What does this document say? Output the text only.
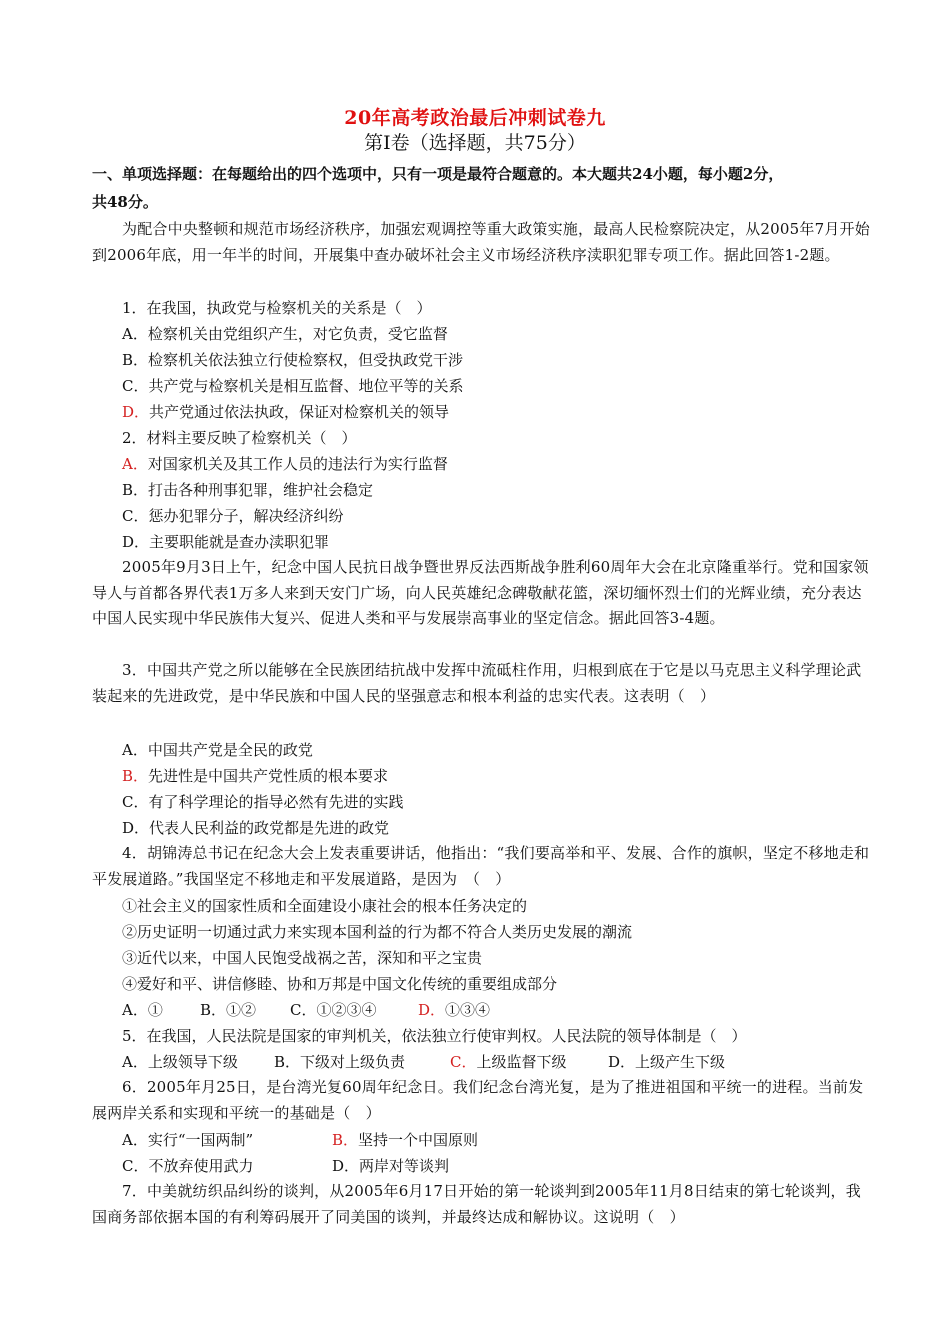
20年高考政治最后冲刺试卷九
第Ⅰ卷（选择题，共75分）
一、单项选择题：在每题给出的四个选项中，只有一项是最符合题意的。本大题共24小题，每小题2分，
共48分。
为配合中央整顿和规范市场经济秩序，加强宏观调控等重大政策实施，最高人民检察院决定，从2005年7月开始到2006年底，用一年半的时间，开展集中查办破坏社会主义市场经济秩序渎职犯罪专项工作。据此回答1-2题。
1．在我国，执政党与检察机关的关系是（　）
A．检察机关由党组织产生，对它负责，受它监督
B．检察机关依法独立行使检察权，但受执政党干涉
C．共产党与检察机关是相互监督、地位平等的关系
D．共产党通过依法执政，保证对检察机关的领导
2．材料主要反映了检察机关（　）
A．对国家机关及其工作人员的违法行为实行监督
B．打击各种刑事犯罪，维护社会稳定
C．惩办犯罪分子，解决经济纠纷
D．主要职能就是查办渎职犯罪
2005年9月3日上午，纪念中国人民抗日战争暨世界反法西斯战争胜利60周年大会在北京隆重举行。党和国家领导人与首都各界代表1万多人来到天安门广场，向人民英雄纪念碑敬献花篮，深切缅怀烈士们的光辉业绩，充分表达中国人民实现中华民族伟大复兴、促进人类和平与发展崇高事业的坚定信念。据此回答3-4题。
3．中国共产党之所以能够在全民族团结抗战中发挥中流砥柱作用，归根到底在于它是以马克思主义科学理论武装起来的先进政党，是中华民族和中国人民的坚强意志和根本利益的忠实代表。这表明（　）
A．中国共产党是全民的政党
B．先进性是中国共产党性质的根本要求
C．有了科学理论的指导必然有先进的实践
D．代表人民利益的政党都是先进的政党
4．胡锦涛总书记在纪念大会上发表重要讲话，他指出：“我们要高举和平、发展、合作的旗帜，坚定不移地走和平发展道路。”我国坚定不移地走和平发展道路，是因为　（　）
①社会主义的国家性质和全面建设小康社会的根本任务决定的
②历史证明一切通过武力来实现本国利益的行为都不符合人类历史发展的潮流
③近代以来，中国人民饱受战祸之苦，深知和平之宝贵
④爱好和平、讲信修睦、协和万邦是中国文化传统的重要组成部分
A．① B．①② C．①②③④	D．①③④
5．在我国，人民法院是国家的审判机关，依法独立行使审判权。人民法院的领导体制是（　）
A．上级领导下级 B．下级对上级负责	C．上级监督下级	D．上级产生下级
6．2005年月25日，是台湾光复60周年纪念日。我们纪念台湾光复，是为了推进祖国和平统一的进程。当前发展两岸关系和实现和平统一的基础是（　）
A．实行“一国两制”	B．坚持一个中国原则
C．不放弃使用武力	D．两岸对等谈判
7．中美就纺织品纠纷的谈判，从2005年6月17日开始的第一轮谈判到2005年11月8日结束的第七轮谈判，我国商务部依据本国的有利筹码展开了同美国的谈判，并最终达成和解协议。这说明（　）
